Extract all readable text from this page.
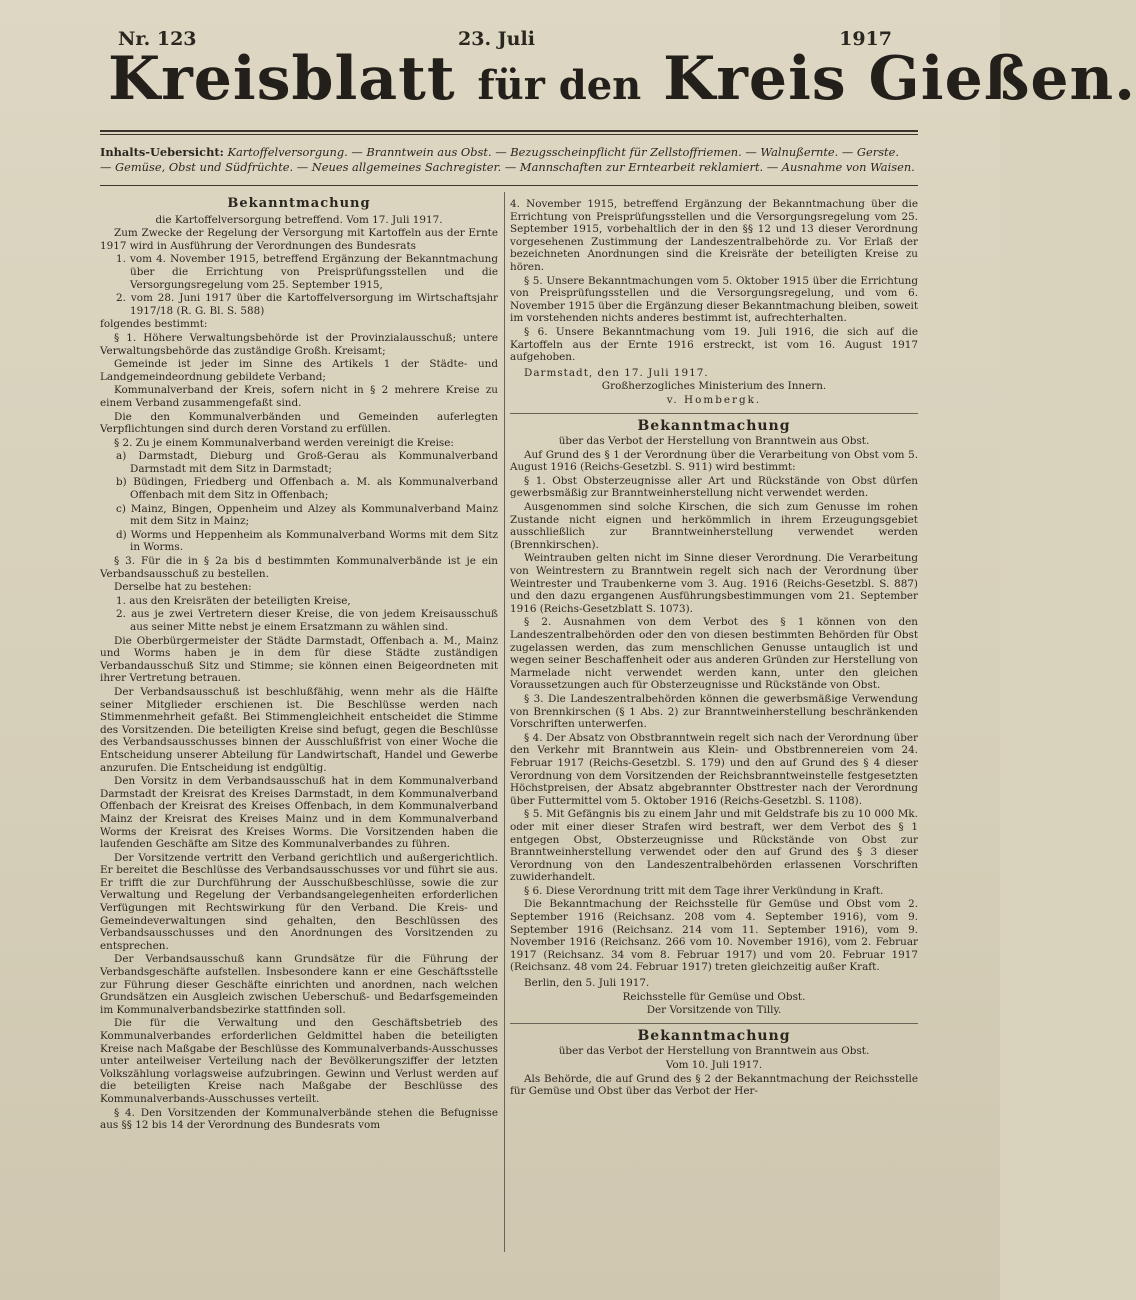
Nr. 123	23. Juli	1917
Kreisblatt für den Kreis Gießen.
Inhalts-Uebersicht: Kartoffelversorgung. — Branntwein aus Obst. — Bezugsscheinpflicht für Zellstoffriemen. — Walnußernte. — Gerste.
— Gemüse, Obst und Südfrüchte. — Neues allgemeines Sachregister. — Mannschaften zur Erntearbeit reklamiert. — Ausnahme von Waisen.
Bekanntmachung

die Kartoffelversorgung betreffend. Vom 17. Juli 1917.

Zum Zwecke der Regelung der Versorgung mit Kartoffeln aus der Ernte 1917 wird in Ausführung der Verordnungen des Bundesrats

1. vom 4. November 1915, betreffend Ergänzung der Bekanntmachung über die Errichtung von Preisprüfungsstellen und die Versorgungsregelung vom 25. September 1915,

2. vom 28. Juni 1917 über die Kartoffelversorgung im Wirtschaftsjahr 1917/18 (R. G. Bl. S. 588)

folgendes bestimmt:

§ 1. Höhere Verwaltungsbehörde ist der Provinzialausschuß; untere Verwaltungsbehörde das zuständige Großh. Kreisamt;

Gemeinde ist jeder im Sinne des Artikels 1 der Städte- und Landgemeindeordnung gebildete Verband;

Kommunalverband der Kreis, sofern nicht in § 2 mehrere Kreise zu einem Verband zusammengefaßt sind.

Die den Kommunalverbänden und Gemeinden auferlegten Verpflichtungen sind durch deren Vorstand zu erfüllen.

§ 2. Zu je einem Kommunalverband werden vereinigt die Kreise:

a) Darmstadt, Dieburg und Groß-Gerau als Kommunalverband Darmstadt mit dem Sitz in Darmstadt;

b) Büdingen, Friedberg und Offenbach a. M. als Kommunalverband Offenbach mit dem Sitz in Offenbach;

c) Mainz, Bingen, Oppenheim und Alzey als Kommunalverband Mainz mit dem Sitz in Mainz;

d) Worms und Heppenheim als Kommunalverband Worms mit dem Sitz in Worms.

§ 3. Für die in § 2a bis d bestimmten Kommunalverbände ist je ein Verbandsausschuß zu bestellen.

Derselbe hat zu bestehen:

1. aus den Kreisräten der beteiligten Kreise,

2. aus je zwei Vertretern dieser Kreise, die von jedem Kreisausschuß aus seiner Mitte nebst je einem Ersatzmann zu wählen sind.

Die Oberbürgermeister der Städte Darmstadt, Offenbach a. M., Mainz und Worms haben je in dem für diese Städte zuständigen Verbandausschuß Sitz und Stimme; sie können einen Beigeordneten mit ihrer Vertretung betrauen.

Der Verbandsausschuß ist beschlußfähig, wenn mehr als die Hälfte seiner Mitglieder erschienen ist. Die Beschlüsse werden nach Stimmenmehrheit gefaßt. Bei Stimmengleichheit entscheidet die Stimme des Vorsitzenden. Die beteiligten Kreise sind befugt, gegen die Beschlüsse des Verbandsausschusses binnen der Ausschlußfrist von einer Woche die Entscheidung unserer Abteilung für Landwirtschaft, Handel und Gewerbe anzurufen. Die Entscheidung ist endgültig.

Den Vorsitz in dem Verbandsausschuß hat in dem Kommunalverband Darmstadt der Kreisrat des Kreises Darmstadt, in dem Kommunalverband Offenbach der Kreisrat des Kreises Offenbach, in dem Kommunalverband Mainz der Kreisrat des Kreises Mainz und in dem Kommunalverband Worms der Kreisrat des Kreises Worms. Die Vorsitzenden haben die laufenden Geschäfte am Sitze des Kommunalverbandes zu führen.

Der Vorsitzende vertritt den Verband gerichtlich und außergerichtlich. Er bereitet die Beschlüsse des Verbandsausschusses vor und führt sie aus. Er trifft die zur Durchführung der Ausschußbeschlüsse, sowie die zur Verwaltung und Regelung der Verbandsangelegenheiten erforderlichen Verfügungen mit Rechtswirkung für den Verband. Die Kreis- und Gemeindeverwaltungen sind gehalten, den Beschlüssen des Verbandsausschusses und den Anordnungen des Vorsitzenden zu entsprechen.

Der Verbandsausschuß kann Grundsätze für die Führung der Verbandsgeschäfte aufstellen. Insbesondere kann er eine Geschäftsstelle zur Führung dieser Geschäfte einrichten und anordnen, nach welchen Grundsätzen ein Ausgleich zwischen Ueberschuß- und Bedarfsgemeinden im Kommunalverbandsbezirke stattfinden soll.

Die für die Verwaltung und den Geschäftsbetrieb des Kommunalverbandes erforderlichen Geldmittel haben die beteiligten Kreise nach Maßgabe der Beschlüsse des Kommunalverbands-Ausschusses unter anteilweiser Verteilung nach der Bevölkerungsziffer der letzten Volkszählung vorlagsweise aufzubringen. Gewinn und Verlust werden auf die beteiligten Kreise nach Maßgabe der Beschlüsse des Kommunalverbands-Ausschusses verteilt.

§ 4. Den Vorsitzenden der Kommunalverbände stehen die Befugnisse aus §§ 12 bis 14 der Verordnung des Bundesrats vom

4. November 1915, betreffend Ergänzung der Bekanntmachung über die Errichtung von Preisprüfungsstellen und die Versorgungsregelung vom 25. September 1915, vorbehaltlich der in den §§ 12 und 13 dieser Verordnung vorgesehenen Zustimmung der Landeszentralbehörde zu. Vor Erlaß der bezeichneten Anordnungen sind die Kreisräte der beteiligten Kreise zu hören.

§ 5. Unsere Bekanntmachungen vom 5. Oktober 1915 über die Errichtung von Preisprüfungsstellen und die Versorgungsregelung, und vom 6. November 1915 über die Ergänzung dieser Bekanntmachung bleiben, soweit im vorstehenden nichts anderes bestimmt ist, aufrechterhalten.

§ 6. Unsere Bekanntmachung vom 19. Juli 1916, die sich auf die Kartoffeln aus der Ernte 1916 erstreckt, ist vom 16. August 1917 aufgehoben.

Darmstadt, den 17. Juli 1917.

Großherzogliches Ministerium des Innern.

v. Hombergk.

Bekanntmachung

über das Verbot der Herstellung von Branntwein aus Obst.

Auf Grund des § 1 der Verordnung über die Verarbeitung von Obst vom 5. August 1916 (Reichs-Gesetzbl. S. 911) wird bestimmt:

§ 1. Obst Obsterzeugnisse aller Art und Rückstände von Obst dürfen gewerbsmäßig zur Branntweinherstellung nicht verwendet werden.

Ausgenommen sind solche Kirschen, die sich zum Genusse im rohen Zustande nicht eignen und herkömmlich in ihrem Erzeugungsgebiet ausschließlich zur Branntweinherstellung verwendet werden (Brennkirschen).

Weintrauben gelten nicht im Sinne dieser Verordnung. Die Verarbeitung von Weintrestern zu Branntwein regelt sich nach der Verordnung über Weintrester und Traubenkerne vom 3. Aug. 1916 (Reichs-Gesetzbl. S. 887) und den dazu ergangenen Ausführungsbestimmungen vom 21. September 1916 (Reichs-Gesetzblatt S. 1073).

§ 2. Ausnahmen von dem Verbot des § 1 können von den Landeszentralbehörden oder den von diesen bestimmten Behörden für Obst zugelassen werden, das zum menschlichen Genusse untauglich ist und wegen seiner Beschaffenheit oder aus anderen Gründen zur Herstellung von Marmelade nicht verwendet werden kann, unter den gleichen Voraussetzungen auch für Obsterzeugnisse und Rückstände von Obst.

§ 3. Die Landeszentralbehörden können die gewerbsmäßige Verwendung von Brennkirschen (§ 1 Abs. 2) zur Branntweinherstellung beschränkenden Vorschriften unterwerfen.

§ 4. Der Absatz von Obstbranntwein regelt sich nach der Verordnung über den Verkehr mit Branntwein aus Klein- und Obstbrennereien vom 24. Februar 1917 (Reichs-Gesetzbl. S. 179) und den auf Grund des § 4 dieser Verordnung von dem Vorsitzenden der Reichsbranntweinstelle festgesetzten Höchstpreisen, der Absatz abgebrannter Obsttrester nach der Verordnung über Futtermittel vom 5. Oktober 1916 (Reichs-Gesetzbl. S. 1108).

§ 5. Mit Gefängnis bis zu einem Jahr und mit Geldstrafe bis zu 10 000 Mk. oder mit einer dieser Strafen wird bestraft, wer dem Verbot des § 1 entgegen Obst, Obsterzeugnisse und Rückstände von Obst zur Branntweinherstellung verwendet oder den auf Grund des § 3 dieser Verordnung von den Landeszentralbehörden erlassenen Vorschriften zuwiderhandelt.

§ 6. Diese Verordnung tritt mit dem Tage ihrer Verkündung in Kraft.

Die Bekanntmachung der Reichsstelle für Gemüse und Obst vom 2. September 1916 (Reichsanz. 208 vom 4. September 1916), vom 9. September 1916 (Reichsanz. 214 vom 11. September 1916), vom 9. November 1916 (Reichsanz. 266 vom 10. November 1916), vom 2. Februar 1917 (Reichsanz. 34 vom 8. Februar 1917) und vom 20. Februar 1917 (Reichsanz. 48 vom 24. Februar 1917) treten gleichzeitig außer Kraft.

Berlin, den 5. Juli 1917.

Reichsstelle für Gemüse und Obst.

Der Vorsitzende von Tilly.

Bekanntmachung

über das Verbot der Herstellung von Branntwein aus Obst.

Vom 10. Juli 1917.

Als Behörde, die auf Grund des § 2 der Bekanntmachung der Reichsstelle für Gemüse und Obst über das Verbot der Her-
